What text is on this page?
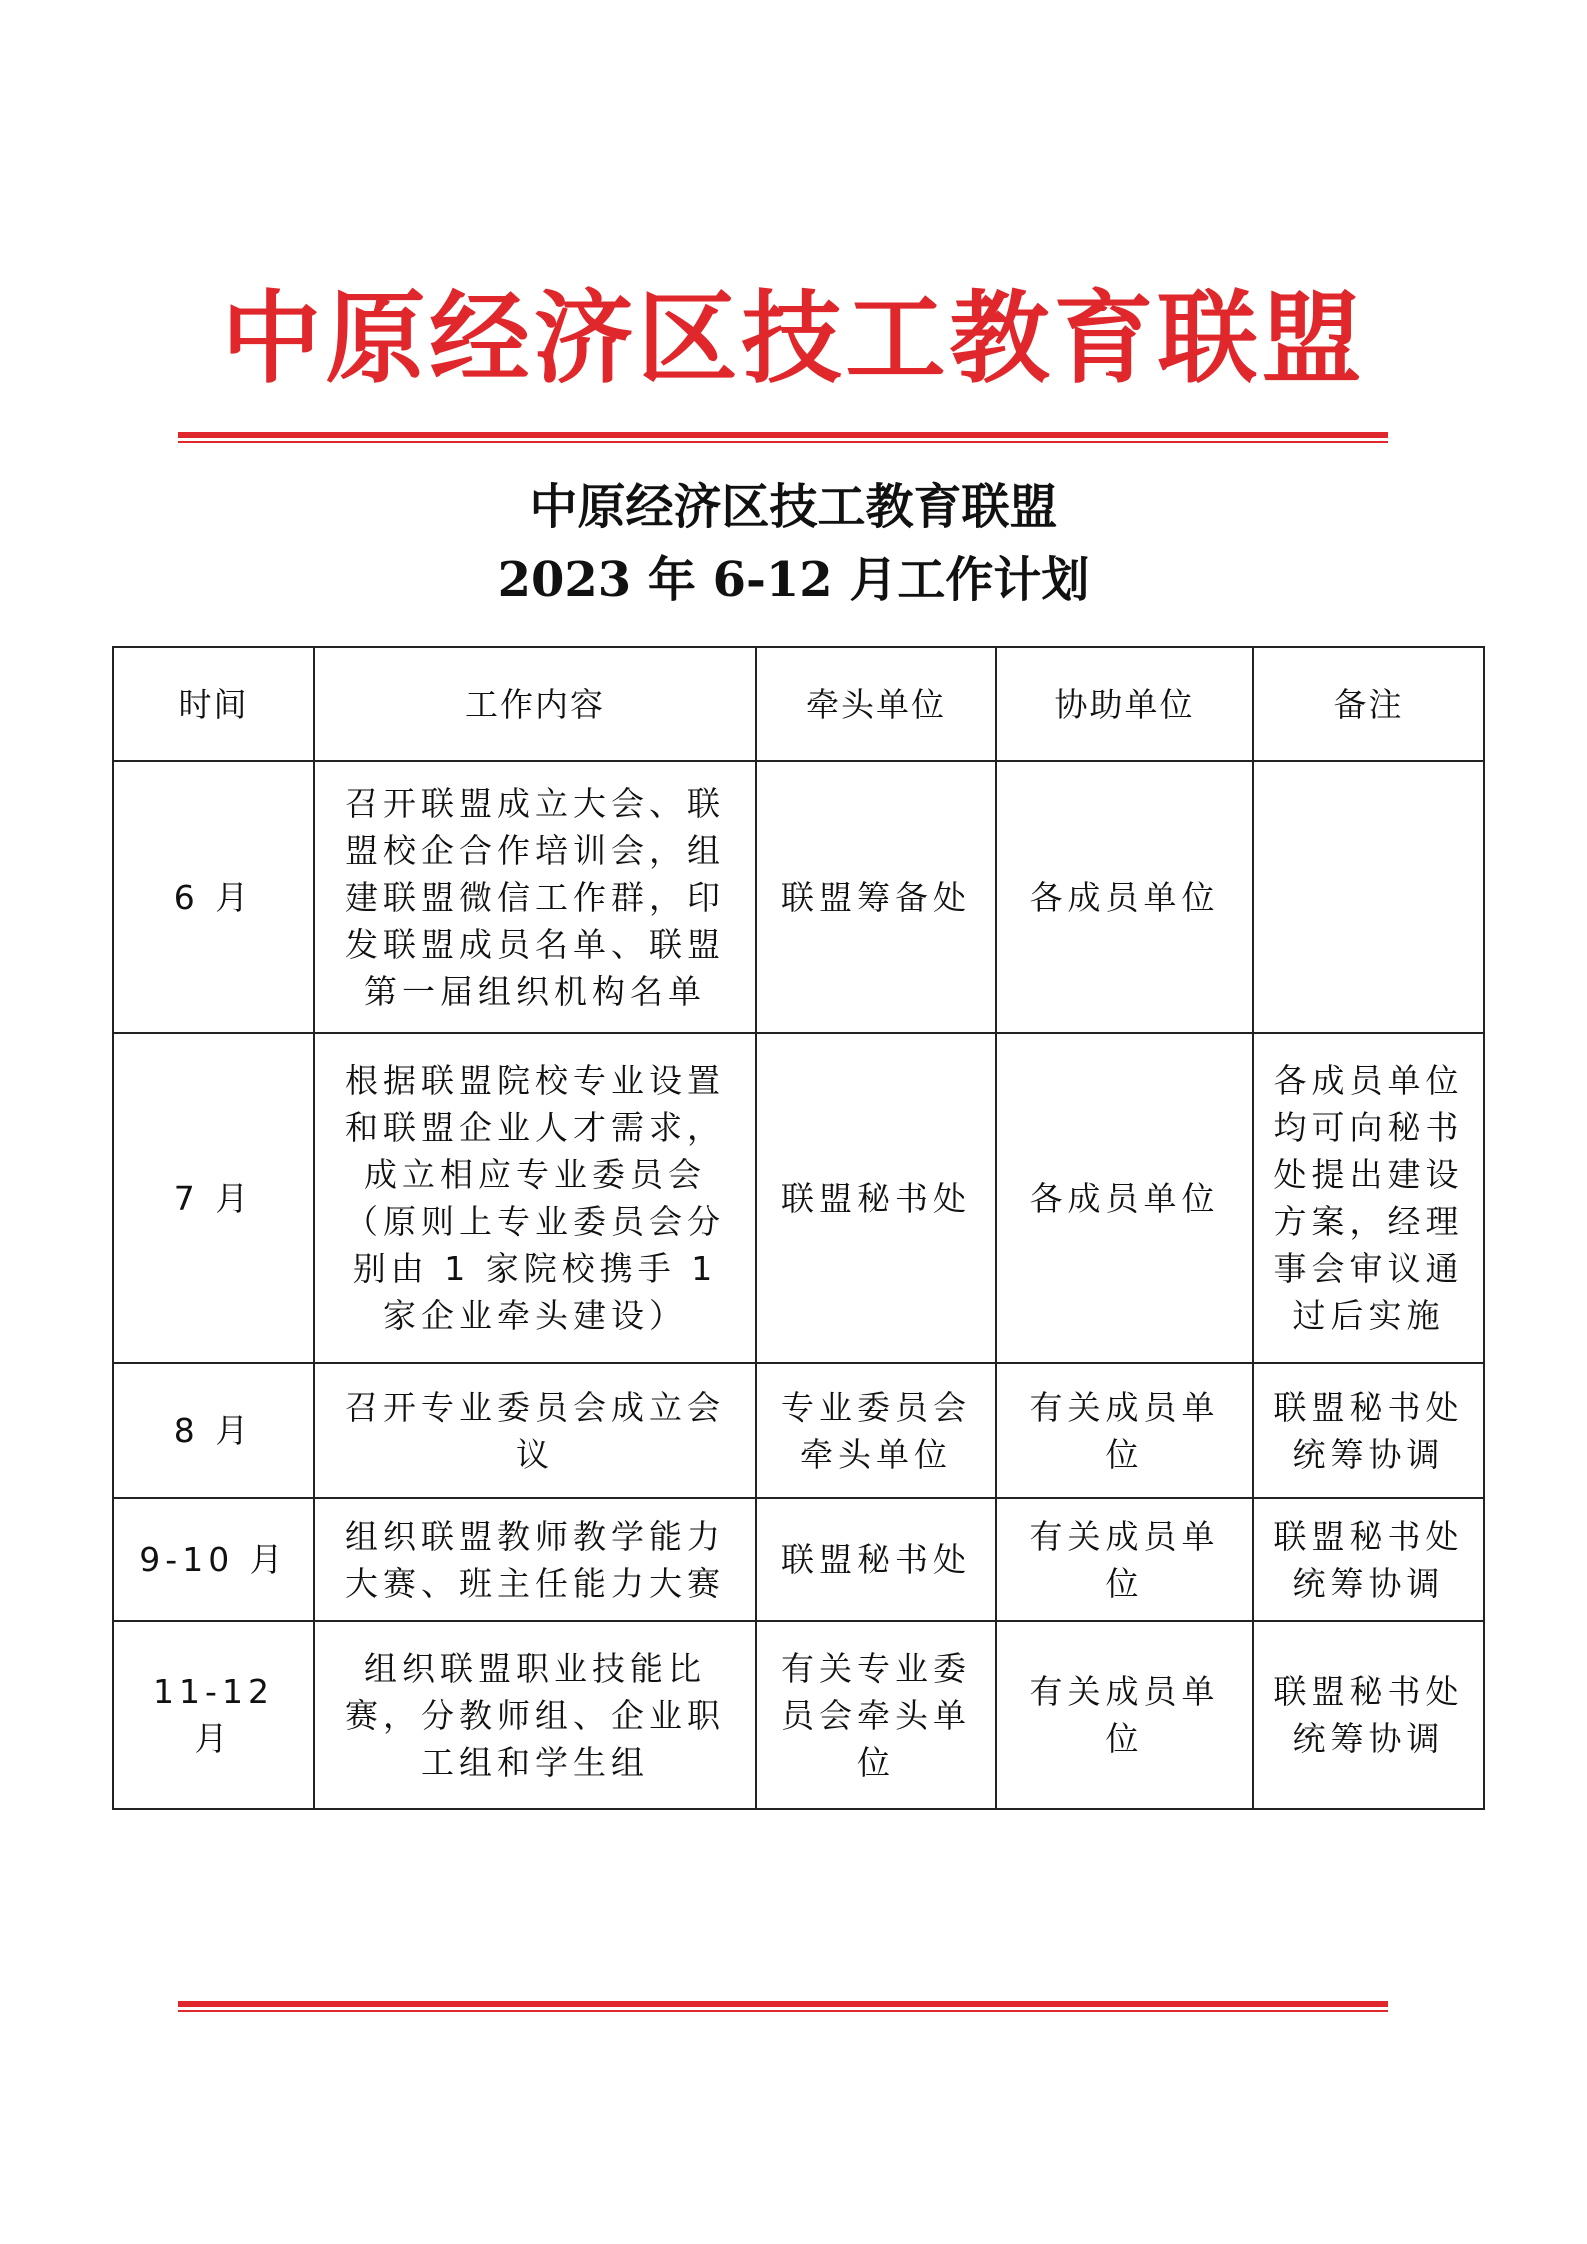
中原经济区技工教育联盟
中原经济区技工教育联盟
2023 年 6-12 月工作计划
时间	工作内容	牵头单位	协助单位	备注
6 月	召开联盟成立大会、联盟校企合作培训会，组建联盟微信工作群，印发联盟成员名单、联盟第一届组织机构名单	联盟筹备处	各成员单位	
7 月	根据联盟院校专业设置和联盟企业人才需求，成立相应专业委员会（原则上专业委员会分别由 1 家院校携手 1 家企业牵头建设）	联盟秘书处	各成员单位	各成员单位均可向秘书处提出建设方案，经理事会审议通过后实施
8 月	召开专业委员会成立会议	专业委员会牵头单位	有关成员单位	联盟秘书处统筹协调
9-10 月	组织联盟教师教学能力大赛、班主任能力大赛	联盟秘书处	有关成员单位	联盟秘书处统筹协调
11-12 月	组织联盟职业技能比赛，分教师组、企业职工组和学生组	有关专业委员会牵头单位	有关成员单位	联盟秘书处统筹协调
